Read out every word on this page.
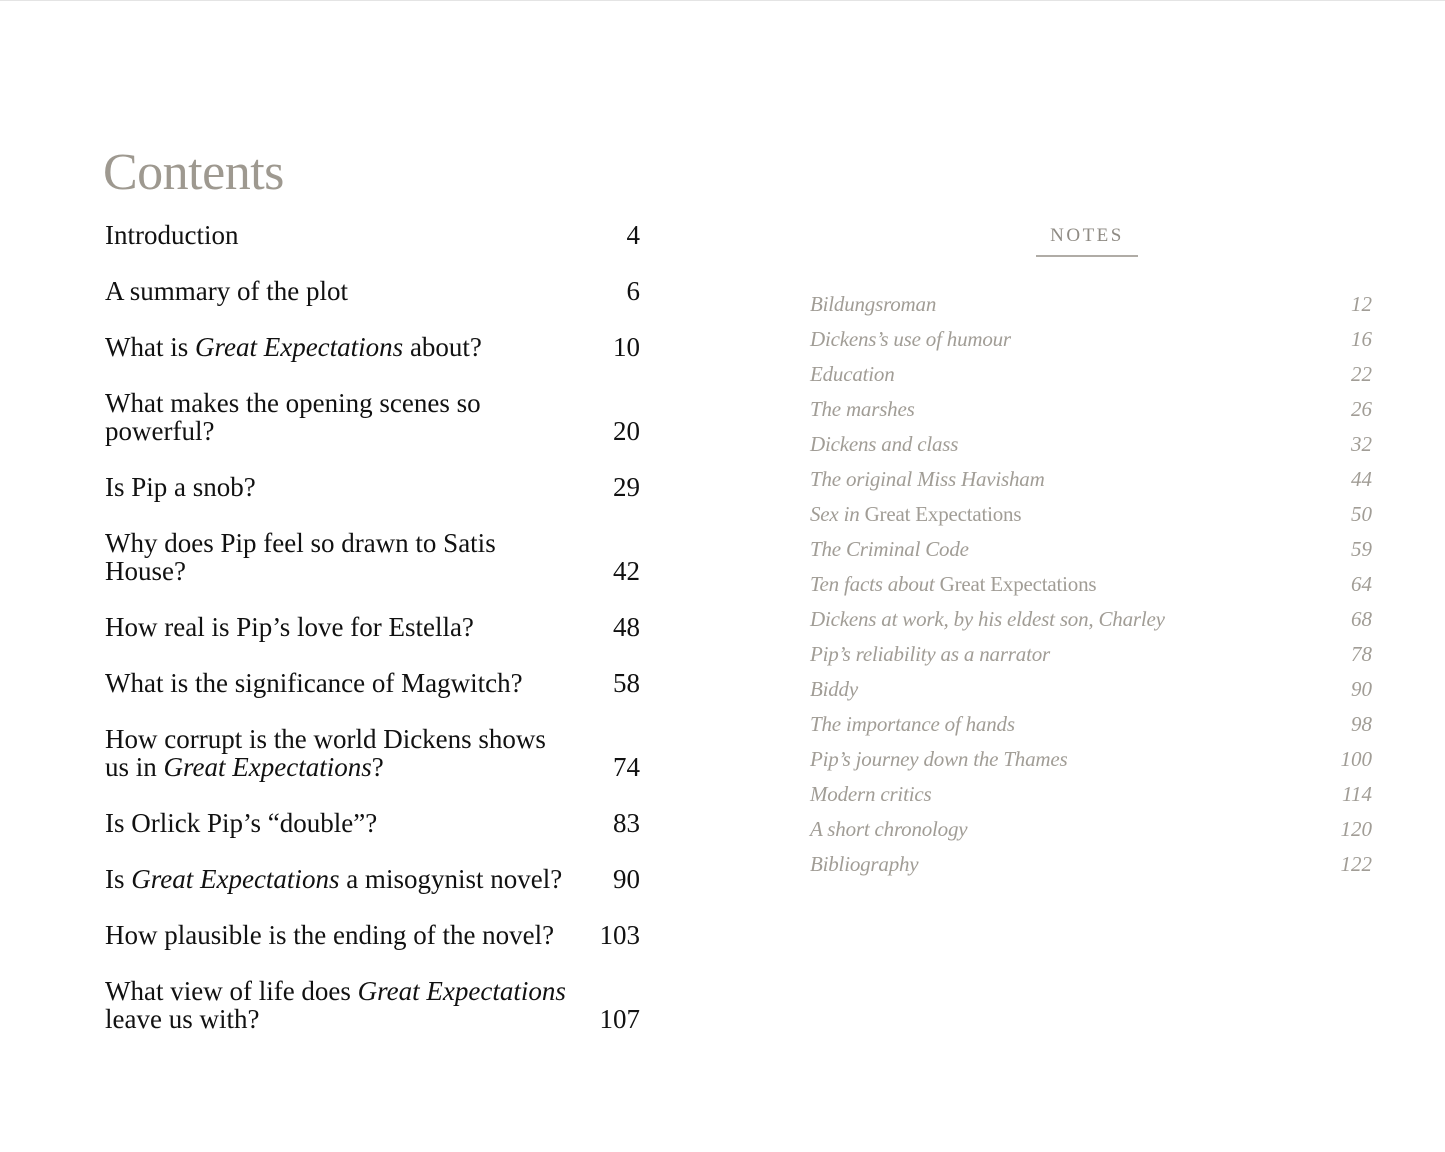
Contents
Introduction	4
A summary of the plot	6
What is Great Expectations about?	10
What makes the opening scenes so powerful?	20
Is Pip a snob?	29
Why does Pip feel so drawn to Satis House?	42
How real is Pip’s love for Estella?	48
What is the significance of Magwitch?	58
How corrupt is the world Dickens shows us in Great Expectations?	74
Is Orlick Pip’s “double”?	83
Is Great Expectations a misogynist novel?	90
How plausible is the ending of the novel?	103
What view of life does Great Expectations leave us with?	107
NOTES
Bildungsroman	12
Dickens’s use of humour	16
Education	22
The marshes	26
Dickens and class	32
The original Miss Havisham	44
Sex in Great Expectations	50
The Criminal Code	59
Ten facts about Great Expectations	64
Dickens at work, by his eldest son, Charley	68
Pip’s reliability as a narrator	78
Biddy	90
The importance of hands	98
Pip’s journey down the Thames	100
Modern critics	114
A short chronology	120
Bibliography	122
